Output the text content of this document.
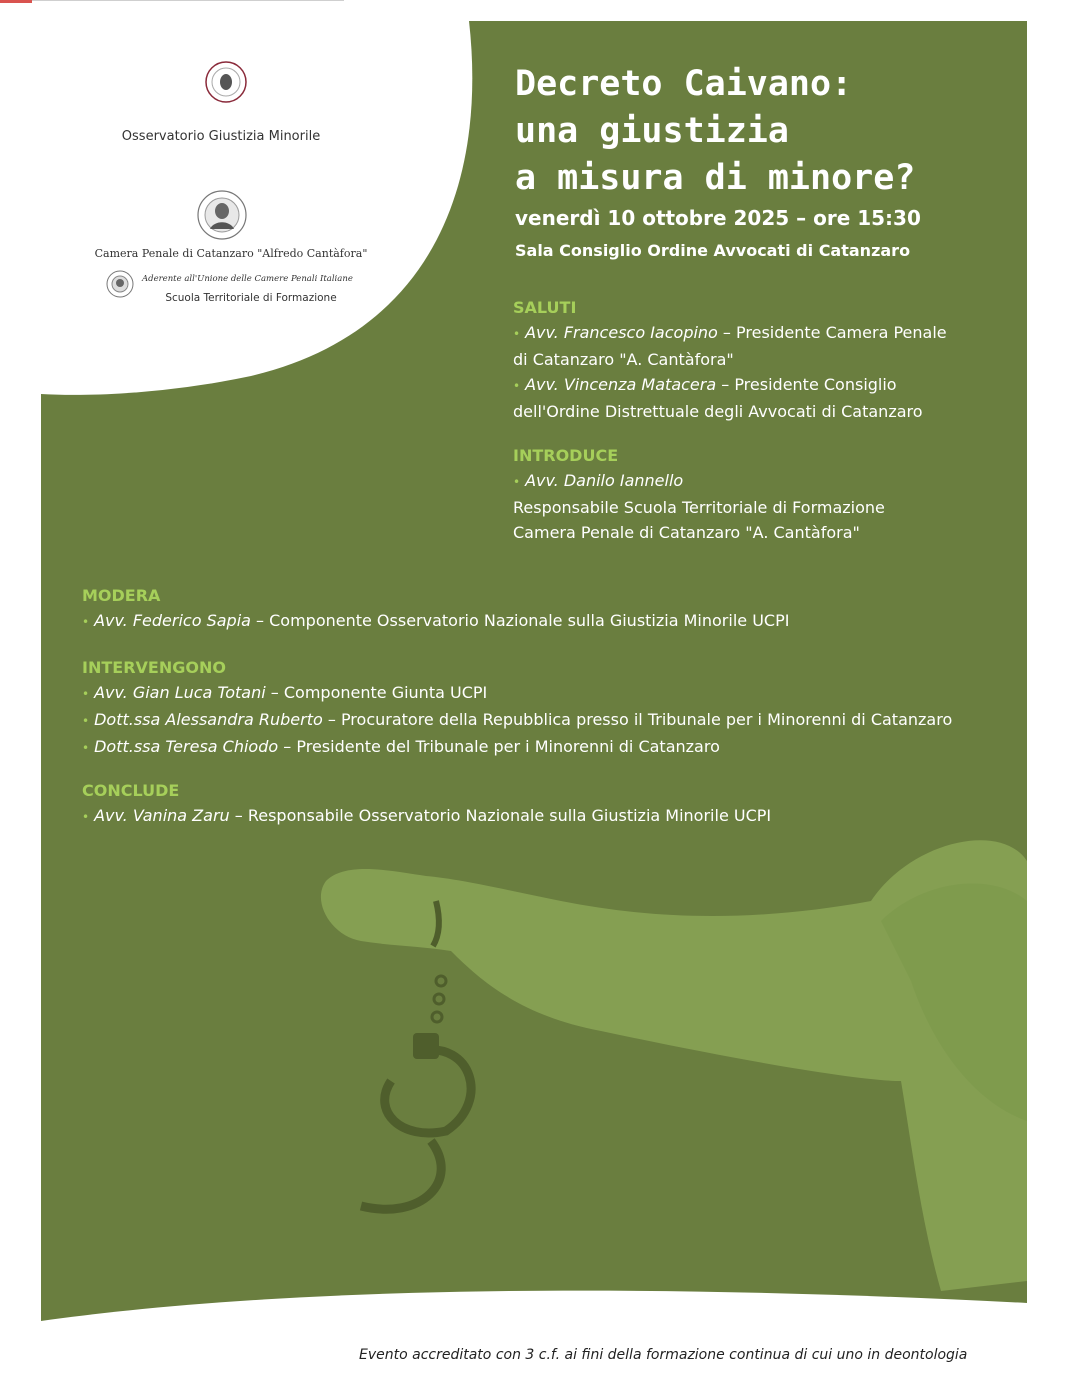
Osservatorio Giustizia Minorile
Camera Penale di Catanzaro "Alfredo Cantàfora"
Aderente all'Unione delle Camere Penali Italiane
Scuola Territoriale di Formazione
Decreto Caivano:
una giustizia
a misura di minore?
venerdì 10 ottobre 2025 – ore 15:30
Sala Consiglio Ordine Avvocati di Catanzaro
SALUTI
• Avv. Francesco Iacopino – Presidente Camera Penale
di Catanzaro "A. Cantàfora"
• Avv. Vincenza Matacera – Presidente Consiglio
dell'Ordine Distrettuale degli Avvocati di Catanzaro
INTRODUCE
• Avv. Danilo Iannello
Responsabile Scuola Territoriale di Formazione
Camera Penale di Catanzaro "A. Cantàfora"
MODERA
• Avv. Federico Sapia – Componente Osservatorio Nazionale sulla Giustizia Minorile UCPI
INTERVENGONO
• Avv. Gian Luca Totani – Componente Giunta UCPI
• Dott.ssa Alessandra Ruberto – Procuratore della Repubblica presso il Tribunale per i Minorenni di Catanzaro
• Dott.ssa Teresa Chiodo – Presidente del Tribunale per i Minorenni di Catanzaro
CONCLUDE
• Avv. Vanina Zaru – Responsabile Osservatorio Nazionale sulla Giustizia Minorile UCPI
Evento accreditato con 3 c.f. ai fini della formazione continua di cui uno in deontologia
